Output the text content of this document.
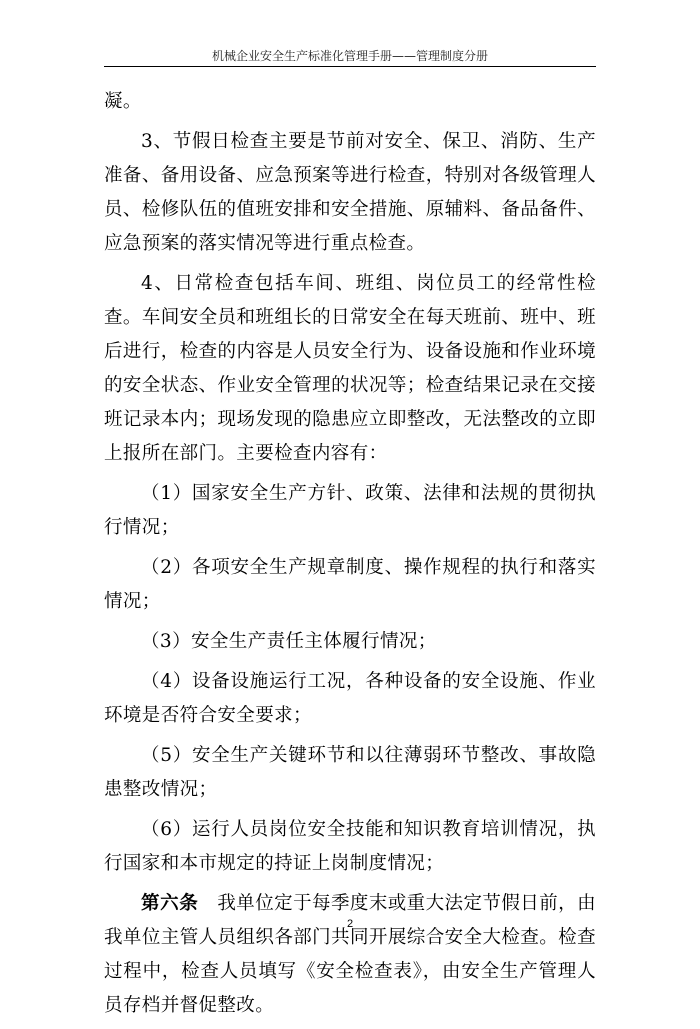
机械企业安全生产标准化管理手册——管理制度分册

凝。

3、节假日检查主要是节前对安全、保卫、消防、生产准备、备用设备、应急预案等进行检查，特别对各级管理人员、检修队伍的值班安排和安全措施、原辅料、备品备件、应急预案的落实情况等进行重点检查。

4、日常检查包括车间、班组、岗位员工的经常性检查。车间安全员和班组长的日常安全在每天班前、班中、班后进行，检查的内容是人员安全行为、设备设施和作业环境的安全状态、作业安全管理的状况等；检查结果记录在交接班记录本内；现场发现的隐患应立即整改，无法整改的立即上报所在部门。主要检查内容有：

（1）国家安全生产方针、政策、法律和法规的贯彻执行情况；

（2）各项安全生产规章制度、操作规程的执行和落实情况；

（3）安全生产责任主体履行情况；

（4）设备设施运行工况，各种设备的安全设施、作业环境是否符合安全要求；

（5）安全生产关键环节和以往薄弱环节整改、事故隐患整改情况；

（6）运行人员岗位安全技能和知识教育培训情况，执行国家和本市规定的持证上岗制度情况；

第六条  我单位定于每季度末或重大法定节假日前，由我单位主管人员组织各部门共同开展综合安全大检查。检查过程中，检查人员填写《安全检查表》，由安全生产管理人员存档并督促整改。

2
